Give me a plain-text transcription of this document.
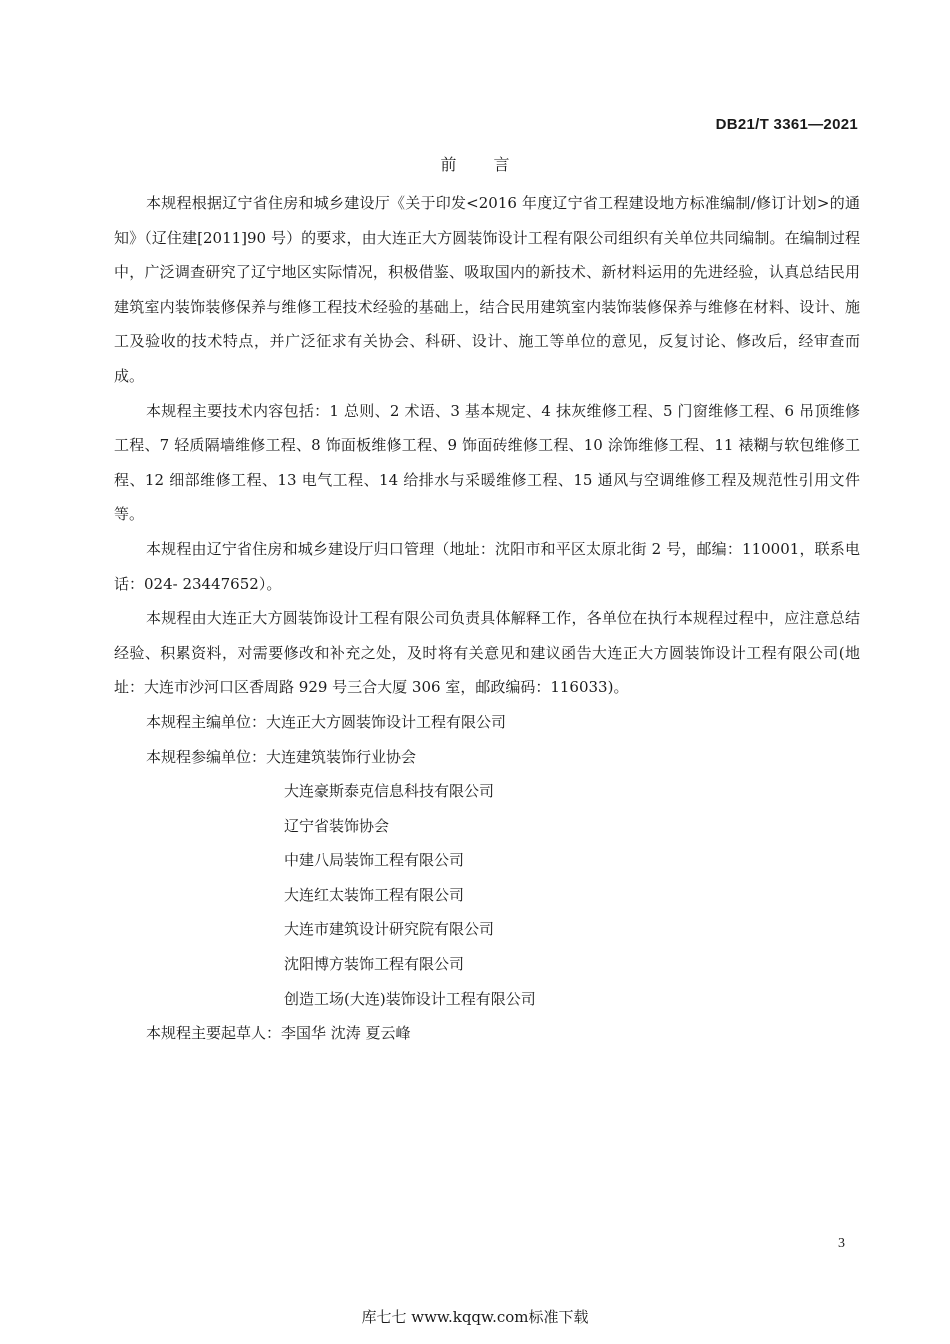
DB21/T 3361—2021
前 言

本规程根据辽宁省住房和城乡建设厅《关于印发<2016 年度辽宁省工程建设地方标准编制/修订计划>的通知》（辽住建[2011]90 号）的要求，由大连正大方圆装饰设计工程有限公司组织有关单位共同编制。在编制过程中，广泛调查研究了辽宁地区实际情况，积极借鉴、吸取国内的新技术、新材料运用的先进经验，认真总结民用建筑室内装饰装修保养与维修工程技术经验的基础上，结合民用建筑室内装饰装修保养与维修在材料、设计、施工及验收的技术特点，并广泛征求有关协会、科研、设计、施工等单位的意见，反复讨论、修改后，经审查而成。

本规程主要技术内容包括：1 总则、2 术语、3 基本规定、4 抹灰维修工程、5 门窗维修工程、6 吊顶维修工程、7 轻质隔墙维修工程、8 饰面板维修工程、9 饰面砖维修工程、10 涂饰维修工程、11 裱糊与软包维修工程、12 细部维修工程、13 电气工程、14 给排水与采暖维修工程、15 通风与空调维修工程及规范性引用文件等。

本规程由辽宁省住房和城乡建设厅归口管理（地址：沈阳市和平区太原北街 2 号，邮编：110001，联系电话：024- 23447652）。

本规程由大连正大方圆装饰设计工程有限公司负责具体解释工作，各单位在执行本规程过程中，应注意总结经验、积累资料，对需要修改和补充之处，及时将有关意见和建议函告大连正大方圆装饰设计工程有限公司(地址：大连市沙河口区香周路 929 号三合大厦 306 室，邮政编码：116033)。

本规程主编单位：大连正大方圆装饰设计工程有限公司
本规程参编单位：大连建筑装饰行业协会
大连豪斯泰克信息科技有限公司
辽宁省装饰协会
中建八局装饰工程有限公司
大连红太装饰工程有限公司
大连市建筑设计研究院有限公司
沈阳博方装饰工程有限公司
创造工场(大连)装饰设计工程有限公司
本规程主要起草人：李国华 沈涛 夏云峰
3
库七七 www.kqqw.com标准下载
